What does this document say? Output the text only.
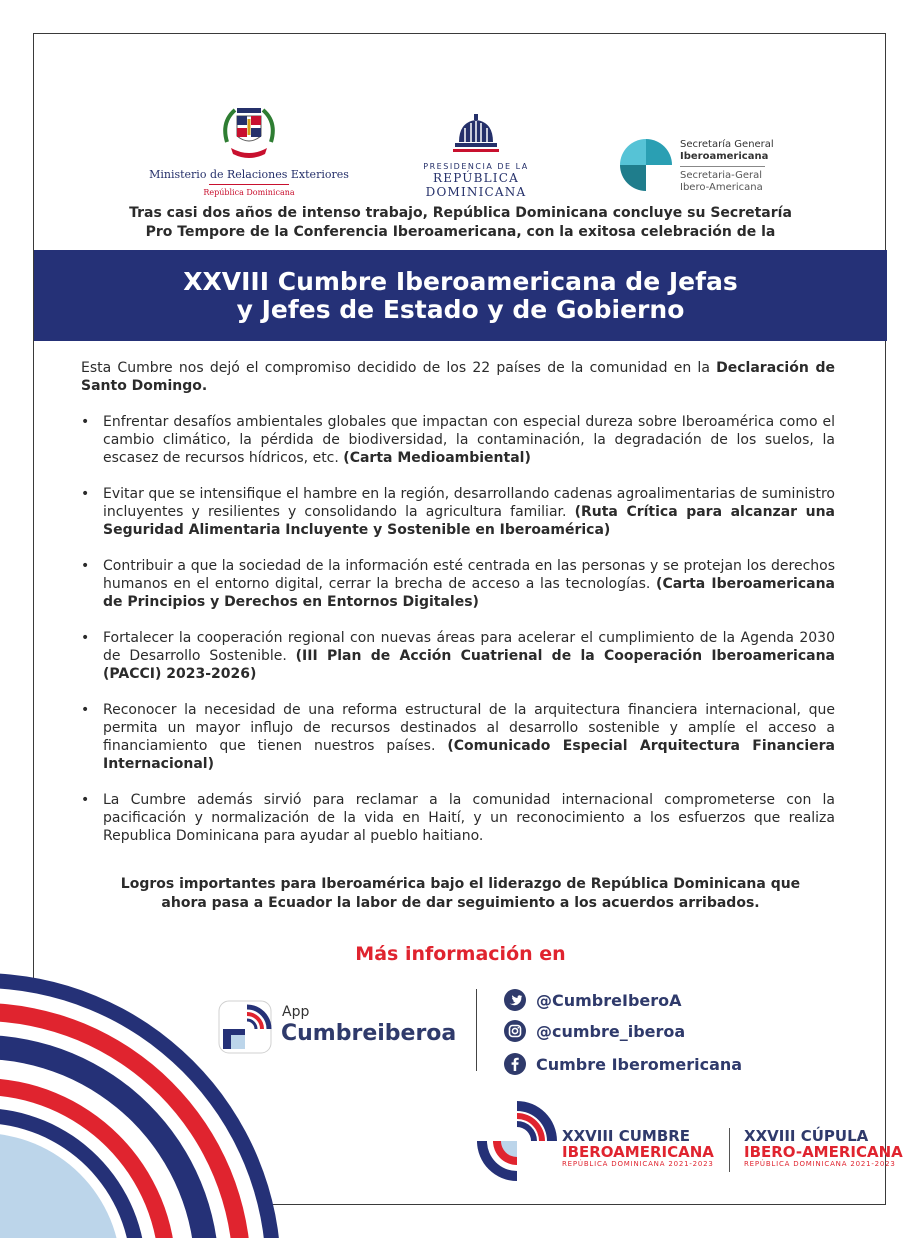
Ministerio de Relaciones Exteriores
República Dominicana
PRESIDENCIA DE LA
REPÚBLICA DOMINICANA
Secretaría General
Iberoamericana
Secretaria-Geral
Ibero-Americana
Tras casi dos años de intenso trabajo, República Dominicana concluye su Secretaría
Pro Tempore de la Conferencia Iberoamericana, con la exitosa celebración de la
XXVIII Cumbre Iberoamericana de Jefas
y Jefes de Estado y de Gobierno

Esta Cumbre nos dejó el compromiso decidido de los 22 países de la comunidad en la Declaración de Santo Domingo.

• Enfrentar desafíos ambientales globales que impactan con especial dureza sobre Iberoamérica como el cambio climático, la pérdida de biodiversidad, la contaminación, la degradación de los suelos, la escasez de recursos hídricos, etc. (Carta Medioambiental)

• Evitar que se intensifique el hambre en la región, desarrollando cadenas agroalimentarias de suministro incluyentes y resilientes y consolidando la agricultura familiar. (Ruta Crítica para alcanzar una Seguridad Alimentaria Incluyente y Sostenible en Iberoamérica)

• Contribuir a que la sociedad de la información esté centrada en las personas y se protejan los derechos humanos en el entorno digital, cerrar la brecha de acceso a las tecnologías. (Carta Iberoamericana de Principios y Derechos en Entornos Digitales)

• Fortalecer la cooperación regional con nuevas áreas para acelerar el cumplimiento de la Agenda 2030 de Desarrollo Sostenible. (III Plan de Acción Cuatrienal de la Cooperación Iberoamericana (PACCI) 2023-2026)

• Reconocer la necesidad de una reforma estructural de la arquitectura financiera internacional, que permita un mayor influjo de recursos destinados al desarrollo sostenible y amplíe el acceso a financiamiento que tienen nuestros países. (Comunicado Especial Arquitectura Financiera Internacional)

• La Cumbre además sirvió para reclamar a la comunidad internacional comprometerse con la pacificación y normalización de la vida en Haití, y un reconocimiento a los esfuerzos que realiza Republica Dominicana para ayudar al pueblo haitiano.

Logros importantes para Iberoamérica bajo el liderazgo de República Dominicana que
ahora pasa a Ecuador la labor de dar seguimiento a los acuerdos arribados.
Más información en
App
Cumbreiberoa
@CumbreIberoA
@cumbre_iberoa
Cumbre Iberomericana
XXVIII CUMBRE
IBEROAMERICANA
REPÚBLICA DOMINICANA 2021-2023
XXVIII CÚPULA
IBERO-AMERICANA
REPÚBLICA DOMINICANA 2021-2023
